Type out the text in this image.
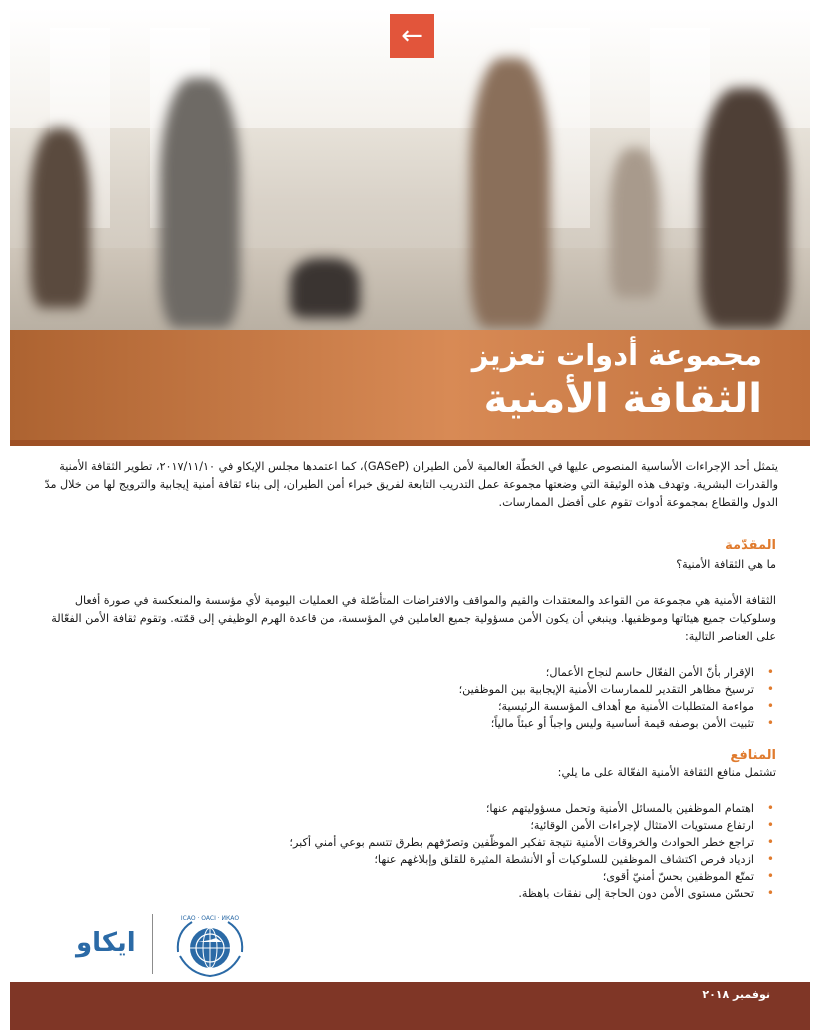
←
مجموعة أدوات تعزيز
الثقافة الأمنية
يتمثل أحد الإجراءات الأساسية المنصوص عليها في الخطّة العالمية لأمن الطيران (GASeP)، كما اعتمدها مجلس الإيكاو في ٢٠١٧/١١/١٠، تطوير الثقافة الأمنية والقدرات البشرية. وتهدف هذه الوثيقة التي وضعتها مجموعة عمل التدريب التابعة لفريق خبراء أمن الطيران، إلى بناء ثقافة أمنية إيجابية والترويج لها من خلال مدّ الدول والقطاع بمجموعة أدوات تقوم على أفضل الممارسات.
المقدّمة
ما هي الثقافة الأمنية؟
الثقافة الأمنية هي مجموعة من القواعد والمعتقدات والقيم والمواقف والافتراضات المتأصّلة في العمليات اليومية لأي مؤسسة والمنعكسة في صورة أفعال وسلوكيات جميع هيئاتها وموظفيها. وينبغي أن يكون الأمن مسؤولية جميع العاملين في المؤسسة، من قاعدة الهرم الوظيفي إلى قمّته. وتقوم ثقافة الأمن الفعّالة على العناصر التالية:
• الإقرار بأنّ الأمن الفعّال حاسم لنجاح الأعمال؛
• ترسيخ مظاهر التقدير للممارسات الأمنية الإيجابية بين الموظفين؛
• مواءمة المتطلبات الأمنية مع أهداف المؤسسة الرئيسية؛
• تثبيت الأمن بوصفه قيمة أساسية وليس واجباً أو عبئاً مالياً؛
المنافع
تشتمل منافع الثقافة الأمنية الفعّالة على ما يلي:
• اهتمام الموظفين بالمسائل الأمنية وتحمل مسؤوليتهم عنها؛
• ارتفاع مستويات الامتثال لإجراءات الأمن الوقائية؛
• تراجع خطر الحوادث والخروقات الأمنية نتيجة تفكير الموظّفين وتصرّفهم بطرق تتسم بوعي أمني أكبر؛
• ازدياد فرص اكتشاف الموظفين للسلوكيات أو الأنشطة المثيرة للقلق وإبلاغهم عنها؛
• تمتّع الموظفين بحسّ أمنيّ أقوى؛
• تحسّن مستوى الأمن دون الحاجة إلى نفقات باهظة.
ايكاو
ICAO · OACI · ИКАО
نوفمبر ٢٠١٨
